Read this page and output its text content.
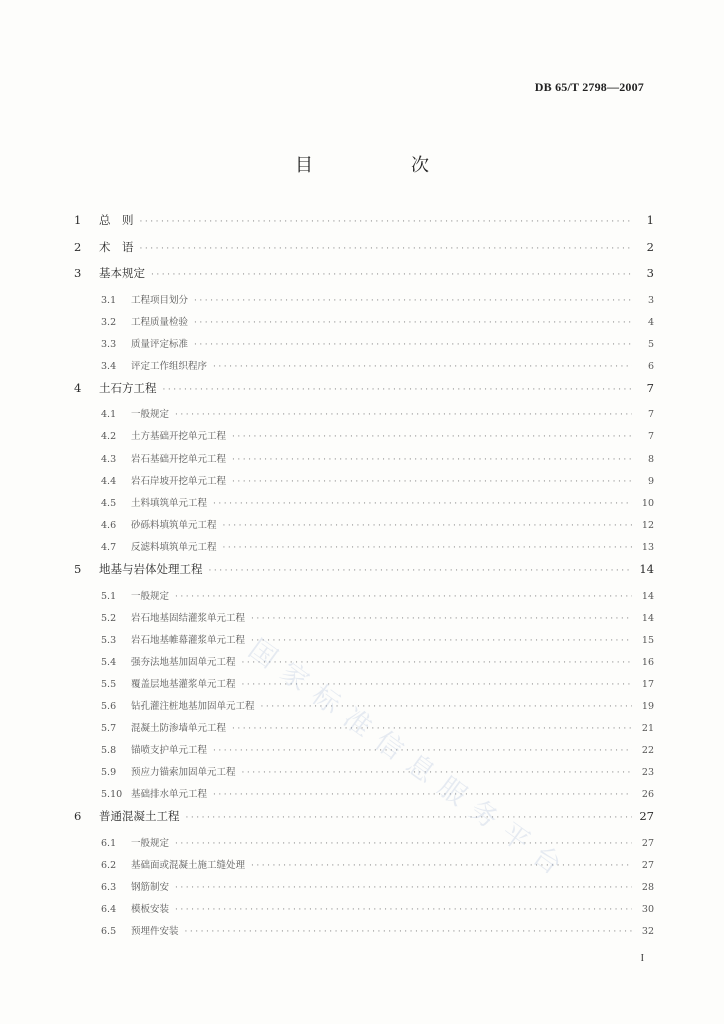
DB 65/T 2798—2007
目　次
1	总　则 ·····	1
2	术　语 ·····	2
3	基本规定 ·····	3
3.1	工程项目划分 ·····	3
3.2	工程质量检验 ·····	4
3.3	质量评定标准 ·····	5
3.4	评定工作组织程序 ·····	6
4	土石方工程 ·····	7
4.1	一般规定 ·····	7
4.2	土方基础开挖单元工程 ·····	7
4.3	岩石基础开挖单元工程 ·····	8
4.4	岩石岸坡开挖单元工程 ·····	9
4.5	土料填筑单元工程 ·····	10
4.6	砂砾料填筑单元工程 ·····	12
4.7	反滤料填筑单元工程 ·····	13
5	地基与岩体处理工程 ·····	14
5.1	一般规定 ·····	14
5.2	岩石地基固结灌浆单元工程 ·····	14
5.3	岩石地基帷幕灌浆单元工程 ·····	15
5.4	强夯法地基加固单元工程 ·····	16
5.5	覆盖层地基灌浆单元工程 ·····	17
5.6	钻孔灌注桩地基加固单元工程 ·····	19
5.7	混凝土防渗墙单元工程 ·····	21
5.8	锚喷支护单元工程 ·····	22
5.9	预应力锚索加固单元工程 ·····	23
5.10 基础排水单元工程 ·····	26
6	普通混凝土工程 ·····	27
6.1	一般规定 ·····	27
6.2	基础面或混凝土施工缝处理 ·····	27
6.3	钢筋制安 ·····	28
6.4	模板安装 ·····	30
6.5	预埋件安装 ·····	32
国家标准信息服务平台
I
